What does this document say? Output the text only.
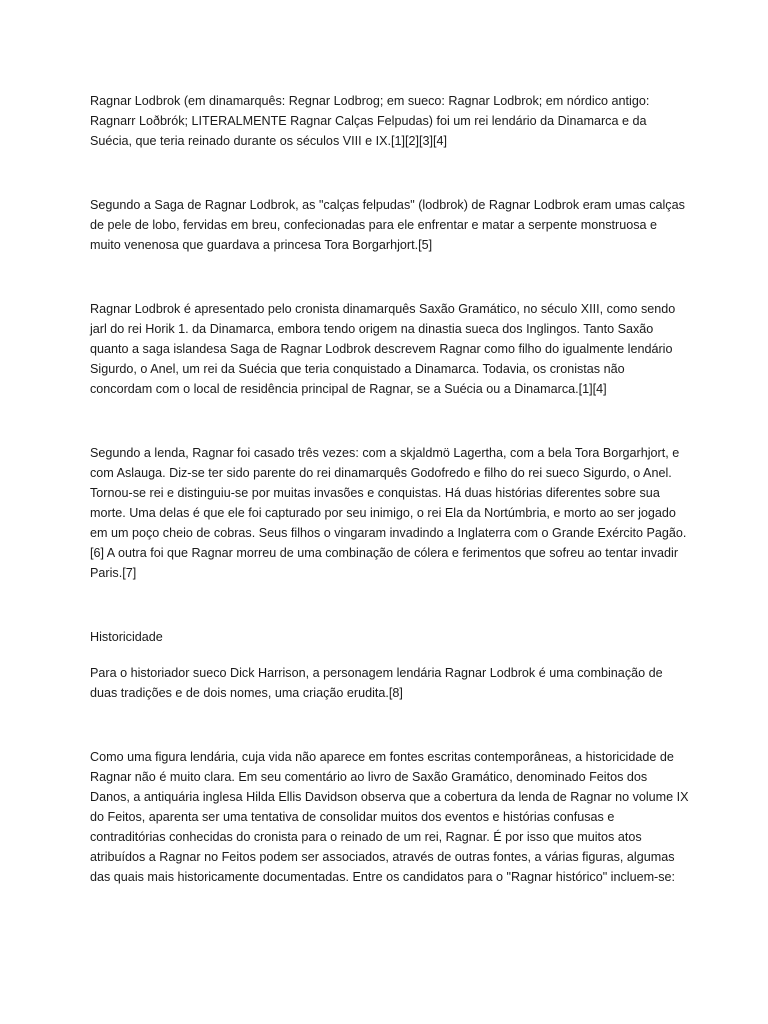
Ragnar Lodbrok (em dinamarquês: Regnar Lodbrog; em sueco: Ragnar Lodbrok; em nórdico antigo: Ragnarr Loðbrók; LITERALMENTE Ragnar Calças Felpudas) foi um rei lendário da Dinamarca e da Suécia, que teria reinado durante os séculos VIII e IX.[1][2][3][4]

Segundo a Saga de Ragnar Lodbrok, as "calças felpudas" (lodbrok) de Ragnar Lodbrok eram umas calças de pele de lobo, fervidas em breu, confecionadas para ele enfrentar e matar a serpente monstruosa e muito venenosa que guardava a princesa Tora Borgarhjort.[5]

Ragnar Lodbrok é apresentado pelo cronista dinamarquês Saxão Gramático, no século XIII, como sendo jarl do rei Horik 1. da Dinamarca, embora tendo origem na dinastia sueca dos Inglingos. Tanto Saxão quanto a saga islandesa Saga de Ragnar Lodbrok descrevem Ragnar como filho do igualmente lendário Sigurdo, o Anel, um rei da Suécia que teria conquistado a Dinamarca. Todavia, os cronistas não concordam com o local de residência principal de Ragnar, se a Suécia ou a Dinamarca.[1][4]

Segundo a lenda, Ragnar foi casado três vezes: com a skjaldmö Lagertha, com a bela Tora Borgarhjort, e com Aslauga. Diz-se ter sido parente do rei dinamarquês Godofredo e filho do rei sueco Sigurdo, o Anel. Tornou-se rei e distinguiu-se por muitas invasões e conquistas. Há duas histórias diferentes sobre sua morte. Uma delas é que ele foi capturado por seu inimigo, o rei Ela da Nortúmbria, e morto ao ser jogado em um poço cheio de cobras. Seus filhos o vingaram invadindo a Inglaterra com o Grande Exército Pagão.[6] A outra foi que Ragnar morreu de uma combinação de cólera e ferimentos que sofreu ao tentar invadir Paris.[7]

Historicidade

Para o historiador sueco Dick Harrison, a personagem lendária Ragnar Lodbrok é uma combinação de duas tradições e de dois nomes, uma criação erudita.[8]

Como uma figura lendária, cuja vida não aparece em fontes escritas contemporâneas, a historicidade de Ragnar não é muito clara. Em seu comentário ao livro de Saxão Gramático, denominado Feitos dos Danos, a antiquária inglesa Hilda Ellis Davidson observa que a cobertura da lenda de Ragnar no volume IX do Feitos, aparenta ser uma tentativa de consolidar muitos dos eventos e histórias confusas e contraditórias conhecidas do cronista para o reinado de um rei, Ragnar. É por isso que muitos atos atribuídos a Ragnar no Feitos podem ser associados, através de outras fontes, a várias figuras, algumas das quais mais historicamente documentadas. Entre os candidatos para o "Ragnar histórico" incluem-se:
